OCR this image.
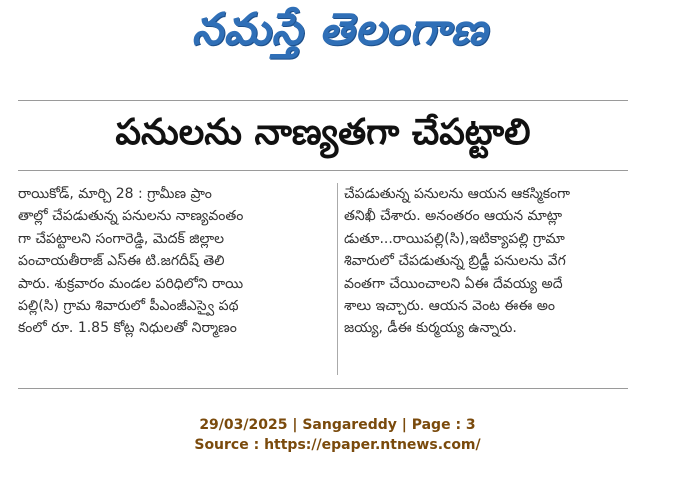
నమస్తే తెలంగాణ
పనులను నాణ్యతగా చేపట్టాలి
రాయికోడ్, మార్చి 28 : గ్రామీణ ప్రాం
తాల్లో చేపడుతున్న పనులను నాణ్యవంతం
గా చేపట్టాలని సంగారెడ్డి, మెదక్ జిల్లాల
పంచాయతీరాజ్ ఎస్ఈ టి.జగదీష్ తెలి
పారు. శుక్రవారం మండల పరిధిలోని రాయి
పల్లి(సి) గ్రామ శివారులో పీఎంజీఎస్వై పథ
కంలో రూ. 1.85 కోట్ల నిధులతో నిర్మాణం
చేపడుతున్న పనులను ఆయన ఆకస్మికంగా
తనిఖీ చేశారు. అనంతరం ఆయన మాట్లా
డుతూ...రాయిపల్లి(సి),ఇటిక్యాపల్లి గ్రామా
శివారులో చేపడుతున్న బ్రిడ్జీ పనులను వేగ
వంతగా చేయించాలని ఏఈ దేవయ్య అదే
శాలు ఇచ్చారు. ఆయన వెంట ఈఈ అం
జయ్య, డీఈ కుర్మయ్య ఉన్నారు.
29/03/2025 | Sangareddy | Page : 3
Source : https://epaper.ntnews.com/
